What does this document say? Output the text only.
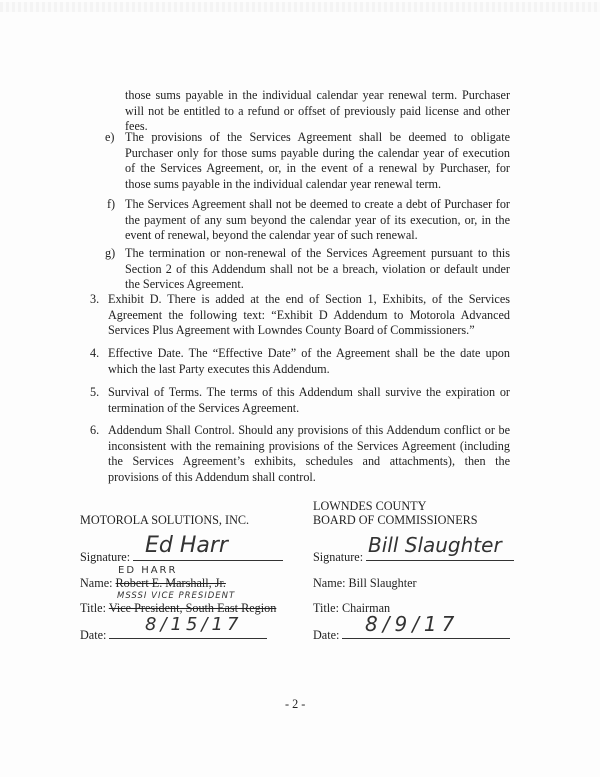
those sums payable in the individual calendar year renewal term. Purchaser will not be entitled to a refund or offset of previously paid license and other fees.
e) The provisions of the Services Agreement shall be deemed to obligate Purchaser only for those sums payable during the calendar year of execution of the Services Agreement, or, in the event of a renewal by Purchaser, for those sums payable in the individual calendar year renewal term.
f) The Services Agreement shall not be deemed to create a debt of Purchaser for the payment of any sum beyond the calendar year of its execution, or, in the event of renewal, beyond the calendar year of such renewal.
g) The termination or non-renewal of the Services Agreement pursuant to this Section 2 of this Addendum shall not be a breach, violation or default under the Services Agreement.
3. Exhibit D. There is added at the end of Section 1, Exhibits, of the Services Agreement the following text: “Exhibit D Addendum to Motorola Advanced Services Plus Agreement with Lowndes County Board of Commissioners.”
4. Effective Date. The “Effective Date” of the Agreement shall be the date upon which the last Party executes this Addendum.
5. Survival of Terms. The terms of this Addendum shall survive the expiration or termination of the Services Agreement.
6. Addendum Shall Control. Should any provisions of this Addendum conflict or be inconsistent with the remaining provisions of the Services Agreement (including the Services Agreement’s exhibits, schedules and attachments), then the provisions of this Addendum shall control.
MOTOROLA SOLUTIONS, INC.
Signature: Ed Harr
ED HARR
Name: Robert E. Marshall, Jr.
MSSSI VICE PRESIDENT
Title: Vice President, South East Region
Date:	8/15/17
LOWNDES COUNTY
BOARD OF COMMISSIONERS
Signature: Bill Slaughter
Name: Bill Slaughter
Title: Chairman
Date:	8/9/17
- 2 -
